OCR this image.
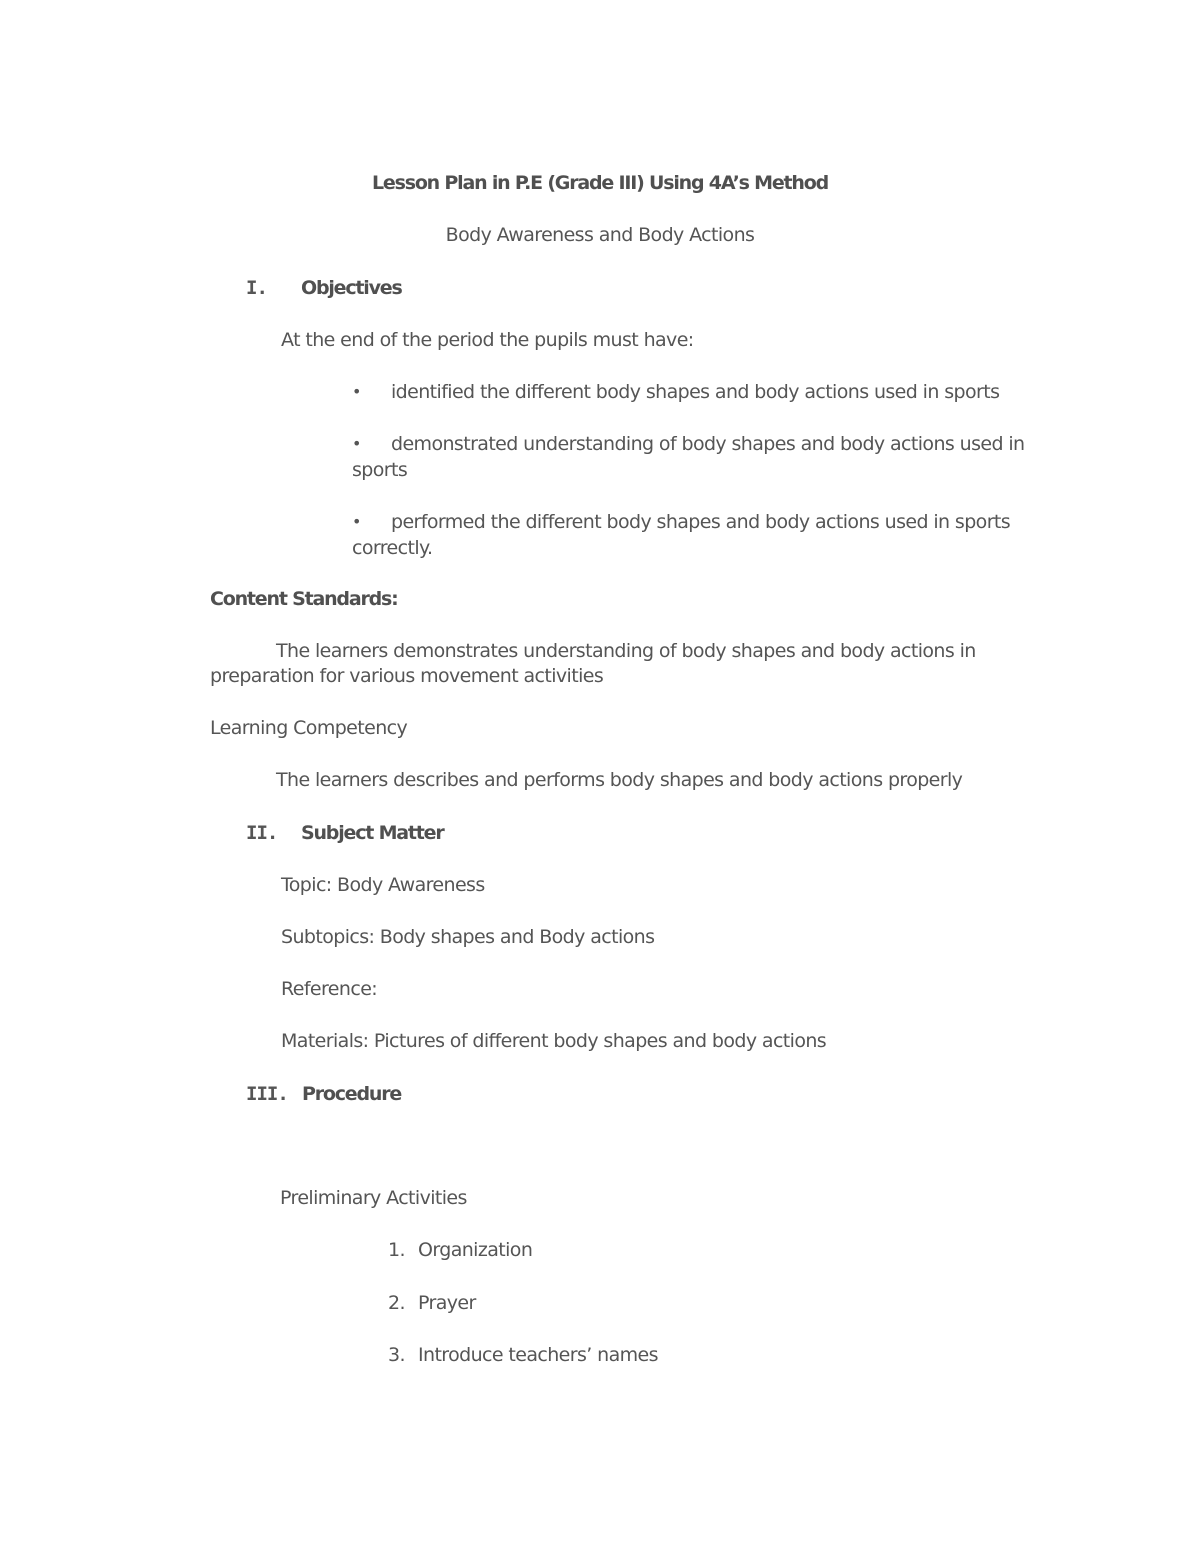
Lesson Plan in P.E (Grade III) Using 4A’s Method
Body Awareness and Body Actions
I. Objectives
At the end of the period the pupils must have:
• identified the different body shapes and body actions used in sports
•	demonstrated understanding of body shapes and body actions used in sports
•	performed the different body shapes and body actions used in sports correctly.
Content Standards:
The learners demonstrates understanding of body shapes and body actions in
preparation for various movement activities
Learning Competency
The learners describes and performs body shapes and body actions properly
II. Subject Matter
Topic: Body Awareness
Subtopics: Body shapes and Body actions
Reference:
Materials: Pictures of different body shapes and body actions
III. Procedure
Preliminary Activities
1. Organization
2. Prayer
3. Introduce teachers’ names
